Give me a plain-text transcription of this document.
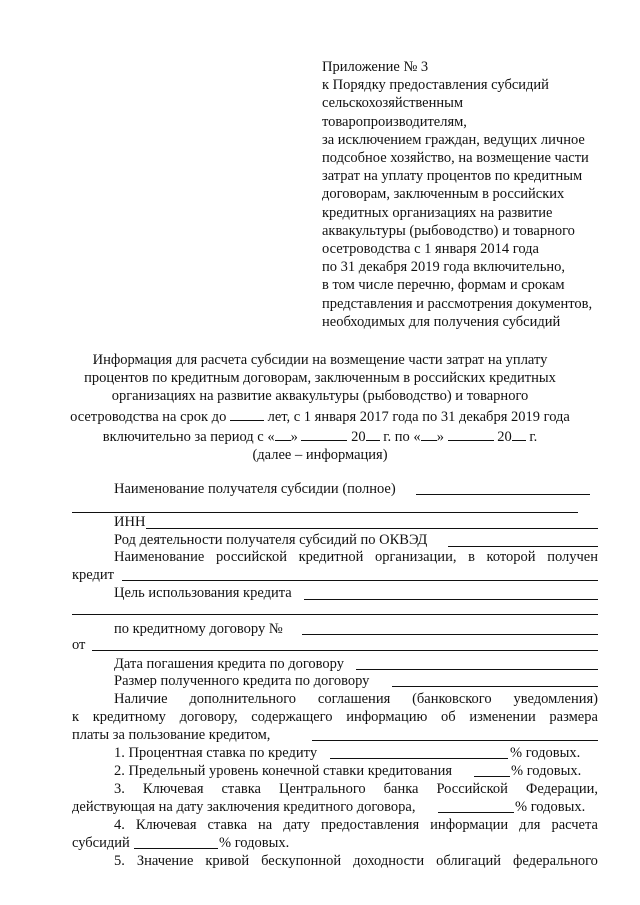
Приложение № 3
к Порядку предоставления субсидий
сельскохозяйственным
товаропроизводителям,
за исключением граждан, ведущих личное
подсобное хозяйство, на возмещение части
затрат на уплату процентов по кредитным
договорам, заключенным в российских
кредитных организациях на развитие
аквакультуры (рыбоводство) и товарного
осетроводства с 1 января 2014 года
по 31 декабря 2019 года включительно,
в том числе перечню, формам и срокам
представления и рассмотрения документов,
необходимых для получения субсидий
Информация для расчета субсидии на возмещение части затрат на уплату
процентов по кредитным договорам, заключенным в российских кредитных
организациях на развитие аквакультуры (рыбоводство) и товарного
осетроводства на срок до	лет, с 1 января 2017 года по 31 декабря 2019 года
включительно за период с « »	20 г. по « »	20 г.
(далее – информация)
Наименование получателя субсидии (полное)
ИНН
Род деятельности получателя субсидий по ОКВЭД
Наименование российской кредитной организации, в которой получен
кредит
Цель использования кредита
по кредитному договору №
от
Дата погашения кредита по договору
Размер полученного кредита по договору
Наличие дополнительного соглашения (банковского уведомления)
к кредитному договору, содержащего информацию об изменении размера
платы за пользование кредитом,
1. Процентная ставка по кредиту	% годовых.
2. Предельный уровень конечной ставки кредитования	% годовых.
3. Ключевая ставка Центрального банка Российской Федерации,
действующая на дату заключения кредитного договора,	% годовых.
4. Ключевая ставка на дату предоставления информации для расчета
субсидий	% годовых.
5. Значение кривой бескупонной доходности облигаций федерального
